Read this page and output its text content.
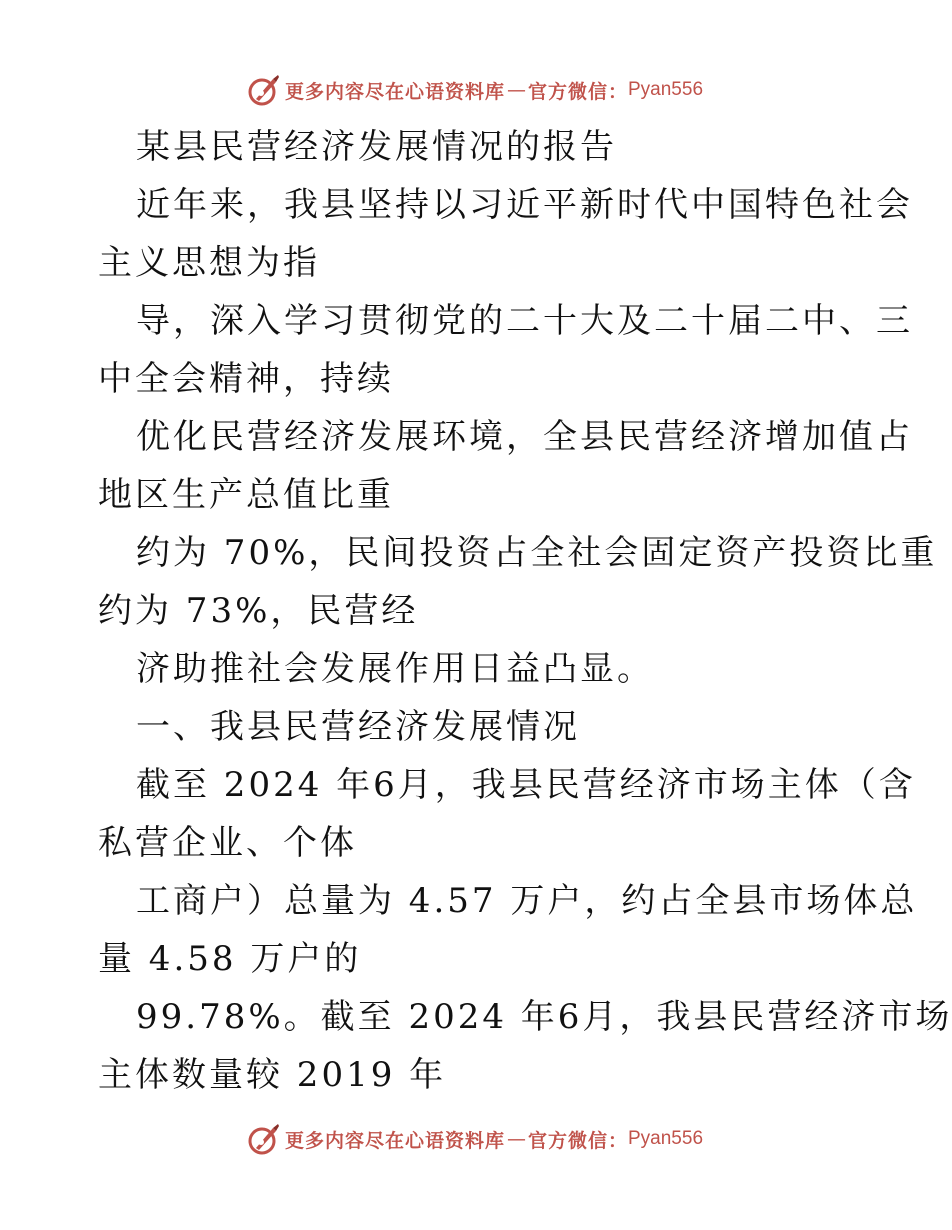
更多内容尽在心语资料库 — 官方微信： Pyan556
某县民营经济发展情况的报告
近年来，我县坚持以习近平新时代中国特色社会
主义思想为指
导，深入学习贯彻党的二十大及二十届二中、三
中全会精神，持续
优化民营经济发展环境，全县民营经济增加值占
地区生产总值比重
约为 70%，民间投资占全社会固定资产投资比重
约为 73%，民营经
济助推社会发展作用日益凸显。
一、我县民营经济发展情况
截至 2024 年6月，我县民营经济市场主体（含
私营企业、个体
工商户）总量为 4.57 万户，约占全县市场体总
量 4.58 万户的
99.78%。截至 2024 年6月，我县民营经济市场
主体数量较 2019 年
更多内容尽在心语资料库 — 官方微信： Pyan556
